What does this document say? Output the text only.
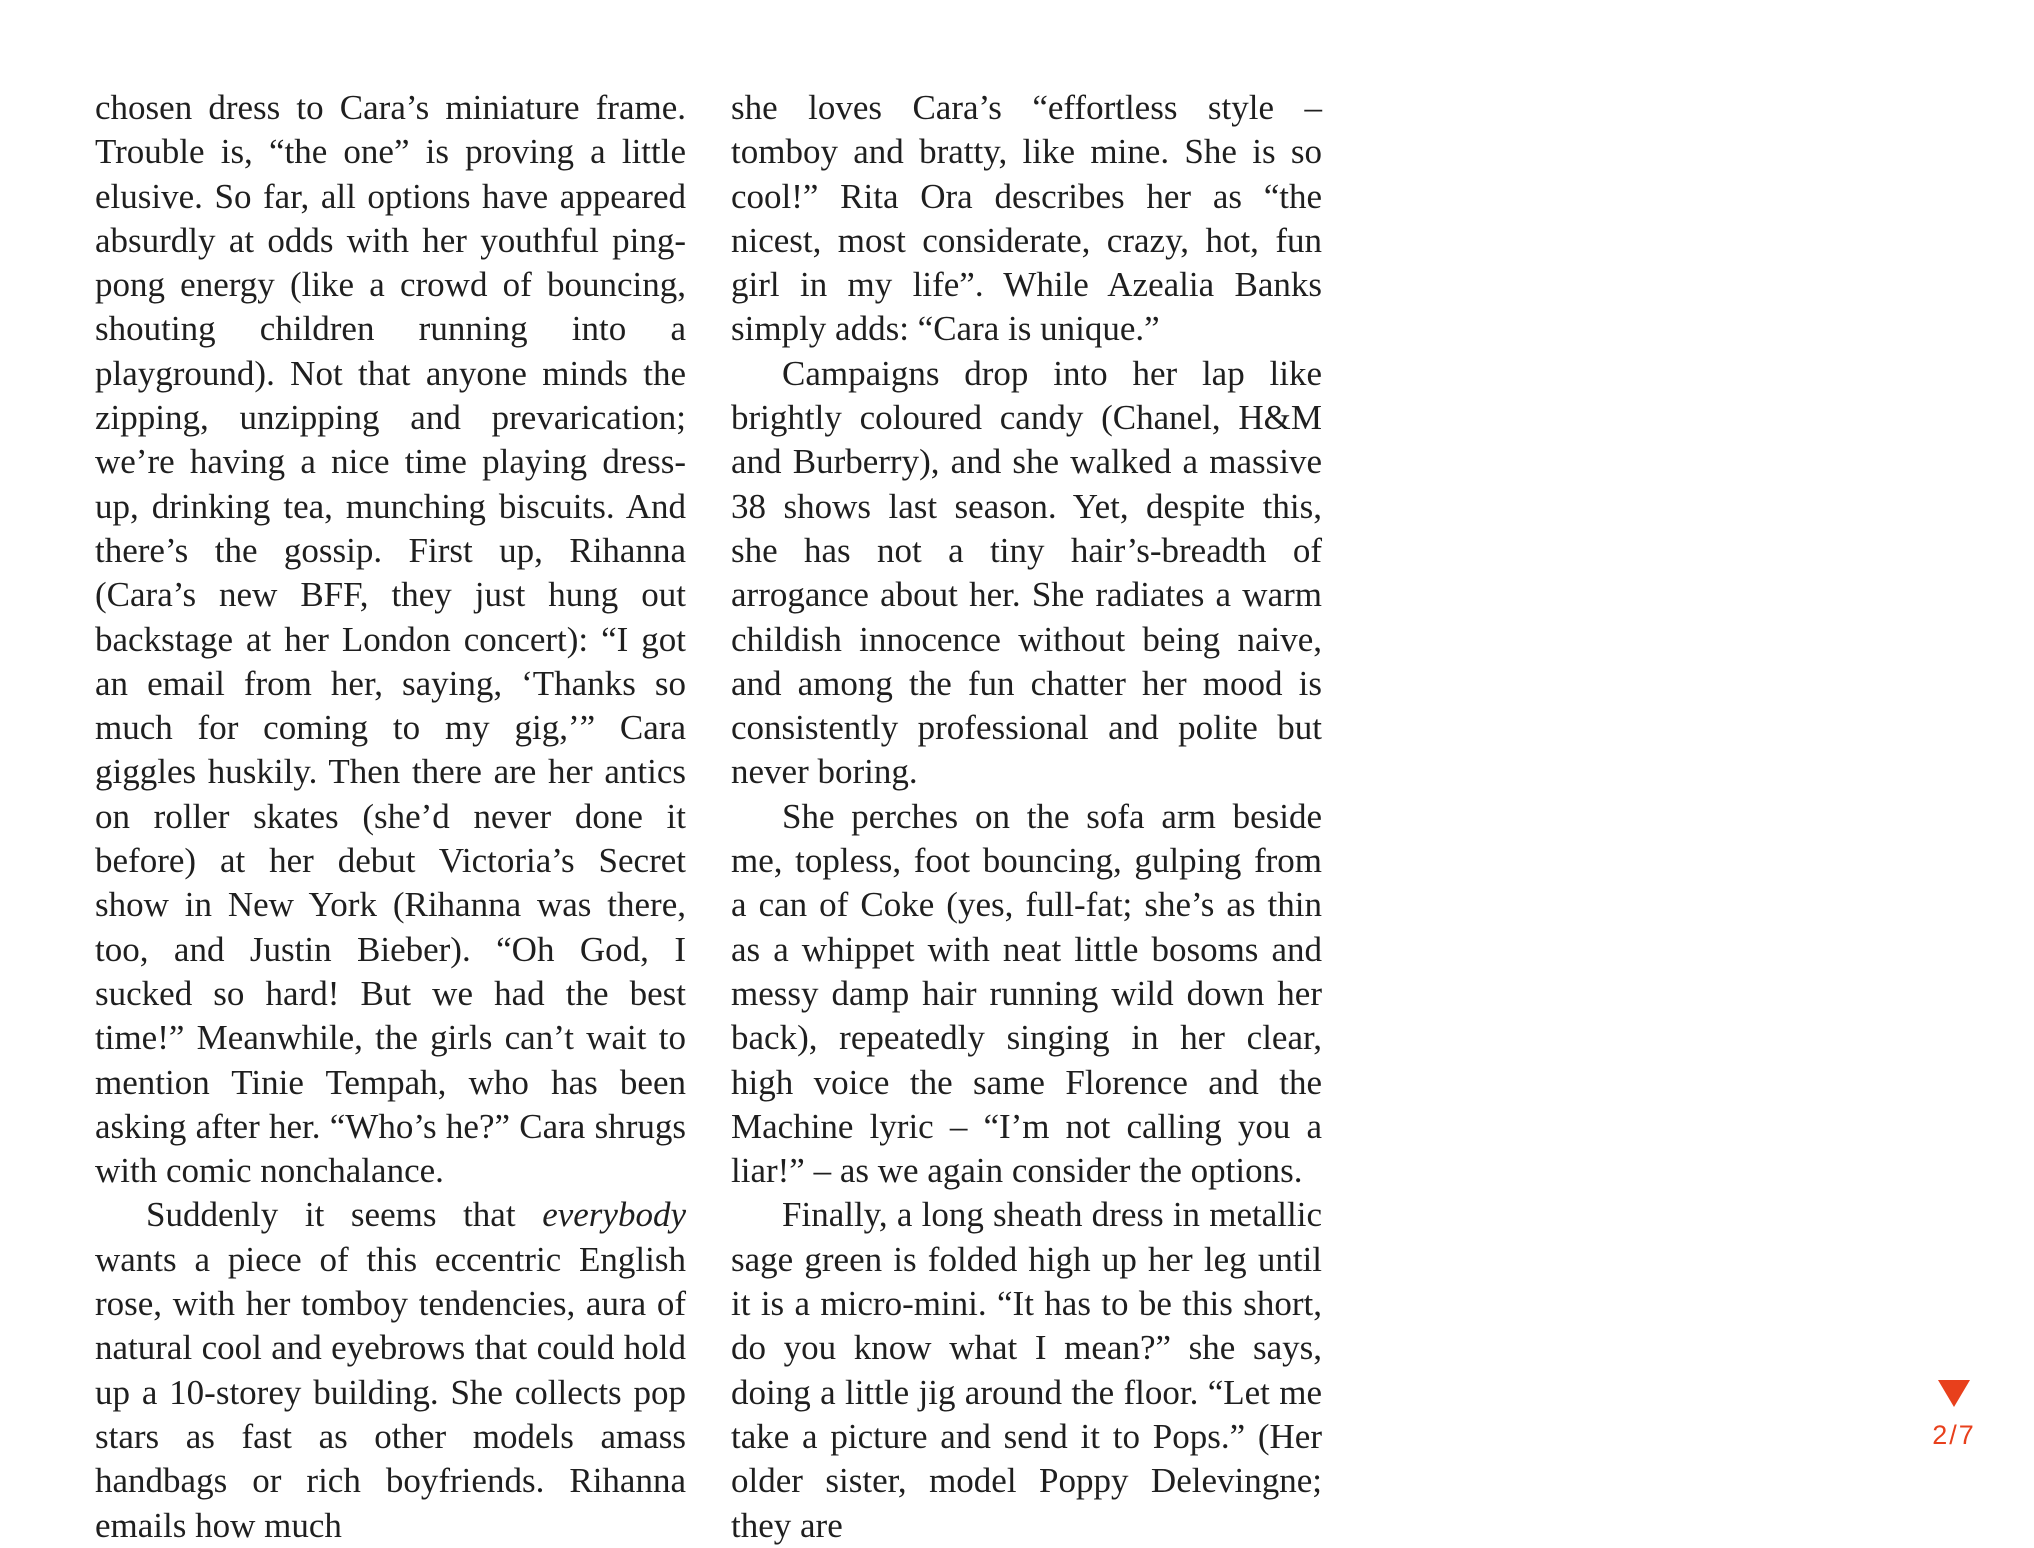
chosen dress to Cara’s miniature frame. Trouble is, “the one” is proving a little elusive. So far, all options have appeared absurdly at odds with her youthful ping-pong energy (like a crowd of bouncing, shouting children running into a playground). Not that anyone minds the zipping, unzipping and prevarication; we’re having a nice time playing dress-up, drinking tea, munching biscuits. And there’s the gossip. First up, Rihanna (Cara’s new BFF, they just hung out backstage at her London concert): “I got an email from her, saying, ‘Thanks so much for coming to my gig,’” Cara giggles huskily. Then there are her antics on roller skates (she’d never done it before) at her debut Victoria’s Secret show in New York (Rihanna was there, too, and Justin Bieber). “Oh God, I sucked so hard! But we had the best time!” Meanwhile, the girls can’t wait to mention Tinie Tempah, who has been asking after her. “Who’s he?” Cara shrugs with comic nonchalance.

Suddenly it seems that everybody wants a piece of this eccentric English rose, with her tomboy tendencies, aura of natural cool and eyebrows that could hold up a 10-storey building. She collects pop stars as fast as other models amass handbags or rich boyfriends. Rihanna emails how much

she loves Cara’s “effortless style – tomboy and bratty, like mine. She is so cool!” Rita Ora describes her as “the nicest, most considerate, crazy, hot, fun girl in my life”. While Azealia Banks simply adds: “Cara is unique.”

Campaigns drop into her lap like brightly coloured candy (Chanel, H&M and Burberry), and she walked a massive 38 shows last season. Yet, despite this, she has not a tiny hair’s-breadth of arrogance about her. She radiates a warm childish innocence without being naive, and among the fun chatter her mood is consistently professional and polite but never boring.

She perches on the sofa arm beside me, topless, foot bouncing, gulping from a can of Coke (yes, full-fat; she’s as thin as a whippet with neat little bosoms and messy damp hair running wild down her back), repeatedly singing in her clear, high voice the same Florence and the Machine lyric – “I’m not calling you a liar!” – as we again consider the options.

Finally, a long sheath dress in metallic sage green is folded high up her leg until it is a micro-mini. “It has to be this short, do you know what I mean?” she says, doing a little jig around the floor. “Let me take a picture and send it to Pops.” (Her older sister, model Poppy Delevingne; they are

2/7
